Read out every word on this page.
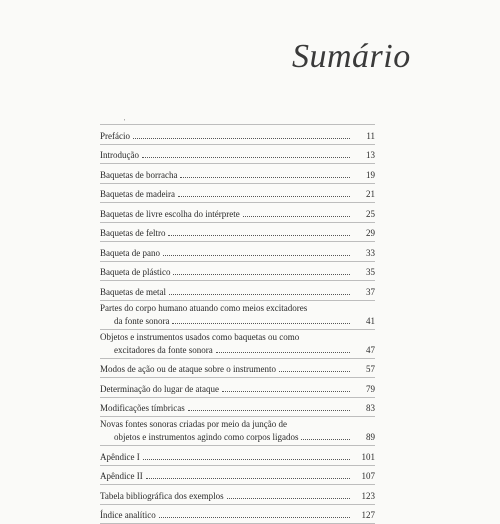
Sumário
'
Prefácio	11
Introdução	13
Baquetas de borracha	19
Baquetas de madeira	21
Baquetas de livre escolha do intérprete	25
Baquetas de feltro	29
Baqueta de pano	33
Baqueta de plástico	35
Baquetas de metal	37
Partes do corpo humano atuando como meios excitadores
da fonte sonora	41
Objetos e instrumentos usados como baquetas ou como
excitadores da fonte sonora	47
Modos de ação ou de ataque sobre o instrumento	57
Determinação do lugar de ataque	79
Modificações tímbricas	83
Novas fontes sonoras criadas por meio da junção de
objetos e instrumentos agindo como corpos ligados	89
Apêndice I	101
Apêndice II	107
Tabela bibliográfica dos exemplos	123
Índice analítico	127
